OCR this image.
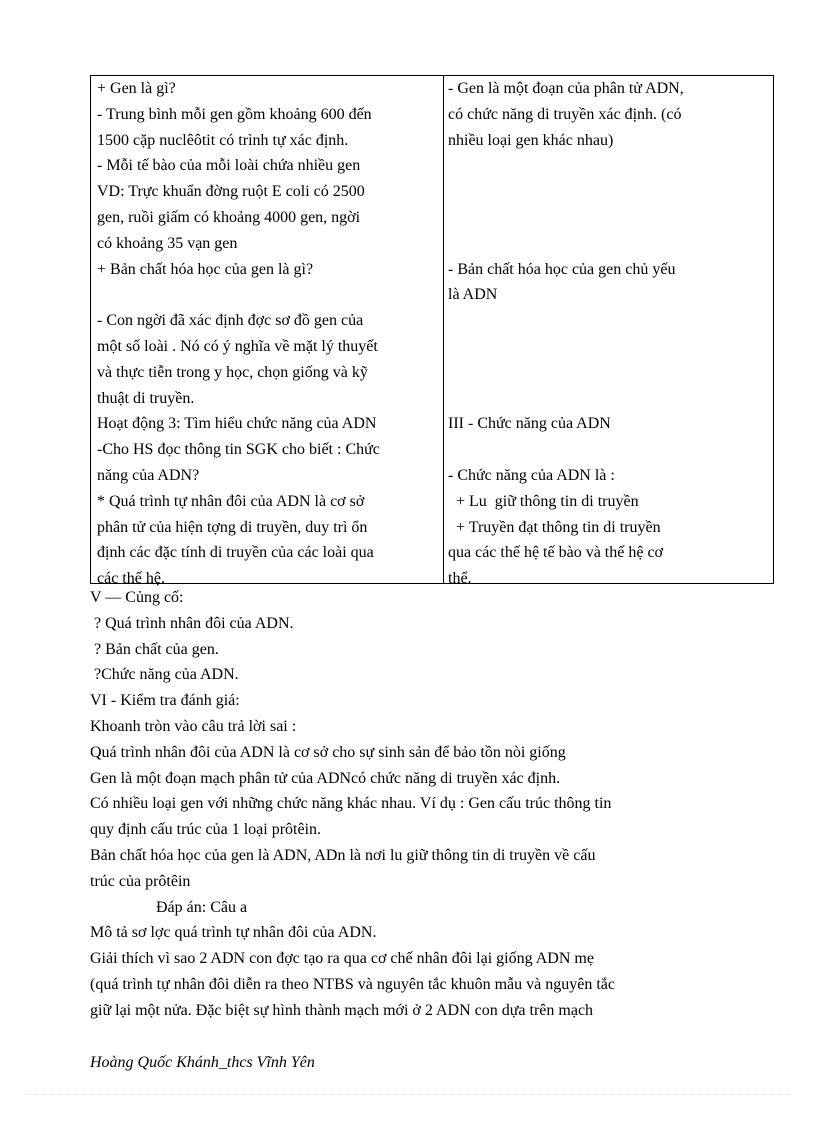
+ Gen là gì?
- Trung bình mỗi gen gồm khoảng 600 đến
1500 cặp nuclêôtit có trình tự xác định.
- Mỗi tế bào của mỗi loài chứa nhiều gen
VD: Trực khuẩn đờng ruột E coli có 2500
gen, ruồi giấm có khoảng 4000 gen, ngời
có khoảng 35 vạn gen
+ Bản chất hóa học của gen là gì?
- Con ngời đã xác định đợc sơ đồ gen của
một số loài . Nó có ý nghĩa về mặt lý thuyết
và thực tiễn trong y học, chọn giống và kỹ
thuật di truyền.
Hoạt động 3: Tìm hiểu chức năng của ADN
-Cho HS đọc thông tin SGK cho biết : Chức
năng của ADN?
* Quá trình tự nhân đôi của ADN là cơ sở
phân tử của hiện tợng di truyền, duy trì ổn
định các đặc tính di truyền của các loài qua
các thế hệ.
- Gen là một đoạn của phân tử ADN,
có chức năng di truyền xác định. (có
nhiều loại gen khác nhau)
- Bản chất hóa học của gen chủ yếu
là ADN
III - Chức năng của ADN
- Chức năng của ADN là :
+ Lu  giữ thông tin di truyền
+ Truyền đạt thông tin di truyền
qua các thế hệ tế bào và thế hệ cơ
thể.
V — Củng cố:
? Quá trình nhân đôi của ADN.
? Bản chất của gen.
?Chức năng của ADN.
VI - Kiểm tra đánh giá:
Khoanh tròn vào câu trả lời sai :
Quá trình nhân đôi của ADN là cơ sở cho sự sinh sản để bảo tồn nòi giống
Gen là một đoạn mạch phân tử của ADNcó chức năng di truyền xác định.
Có nhiều loại gen với những chức năng khác nhau. Ví dụ : Gen cấu trúc thông tin
quy định cấu trúc của 1 loại prôtêin.
Bản chất hóa học của gen là ADN, ADn là nơi lu giữ thông tin di truyền về cấu
trúc của prôtêin
Đáp án: Câu a
Mô tả sơ lợc quá trình tự nhân đôi của ADN.
Giải thích vì sao 2 ADN con đợc tạo ra qua cơ chế nhân đôi lại giống ADN mẹ
(quá trình tự nhân đôi diễn ra theo NTBS và nguyên tắc khuôn mẫu và nguyên tắc
giữ lại một nửa. Đặc biệt sự hình thành mạch mới ở 2 ADN con dựa trên mạch
Hoàng Quốc Khánh_thcs Vĩnh Yên
